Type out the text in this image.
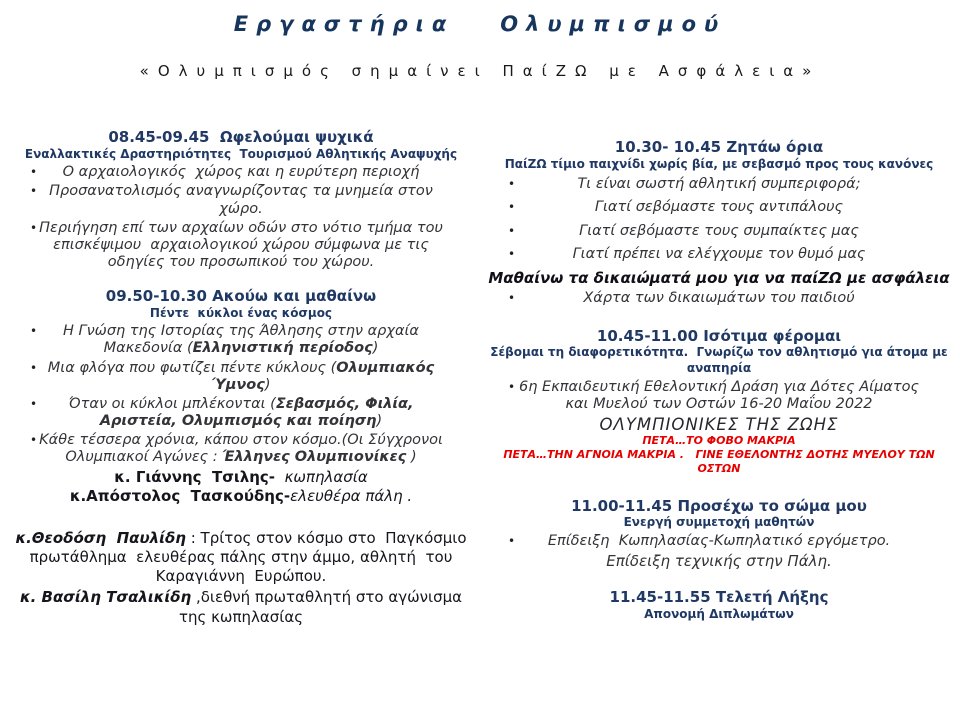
Εργαστήρια   Ολυμπισμού
«Ολυμπισμός σημαίνει ΠαίΖΩ με Ασφάλεια»
08.45-09.45  Ωφελούμαι ψυχικά
Εναλλακτικές Δραστηριότητες  Τουρισμού Αθλητικής Αναψυχής
•	Ο αρχαιολογικός  χώρος και η ευρύτερη περιοχή
• Προσανατολισμός αναγνωρίζοντας τα μνημεία στον χώρο.
• Περιήγηση επί των αρχαίων οδών στο νότιο τμήμα του επισκέψιμου  αρχαιολογικού χώρου σύμφωνα με τις οδηγίες του προσωπικού του χώρου.
09.50-10.30 Ακούω και μαθαίνω
Πέντε  κύκλοι ένας κόσμος
•	Η Γνώση της Ιστορίας της Άθλησης στην αρχαία Μακεδονία (Ελληνιστική περίοδος)
• Μια φλόγα που φωτίζει πέντε κύκλους (Ολυμπιακός Ύμνος)
•	Όταν οι κύκλοι μπλέκονται (Σεβασμός, Φιλία, Αριστεία, Ολυμπισμός και ποίηση)
• Κάθε τέσσερα χρόνια, κάπου στον κόσμο.(Οι Σύγχρονοι Ολυμπιακοί Αγώνες : Έλληνες Ολυμπιονίκες )
κ. Γιάννης  Τσιλης-  κωπηλασία
κ.Απόστολος  Τασκούδης-ελευθέρα πάλη .
κ.Θεοδόση  Παυλίδη : Τρίτος στον κόσμο στο  Παγκόσμιο πρωτάθλημα  ελευθέρας πάλης στην άμμο, αθλητή  του Καραγιάννη  Ευρώπου.
κ. Βασίλη Τσαλικίδη ,διεθνή πρωταθλητή στο αγώνισμα της κωπηλασίας
10.30- 10.45 Ζητάω όρια
ΠαίΖΩ τίμιο παιχνίδι χωρίς βία, με σεβασμό προς τους κανόνες
•	Τι είναι σωστή αθλητική συμπεριφορά;
•	Γιατί σεβόμαστε τους αντιπάλους
•	Γιατί σεβόμαστε τους συμπαίκτες μας
•	Γιατί πρέπει να ελέγχουμε τον θυμό μας
Μαθαίνω τα δικαιώματά μου για να παίΖΩ με ασφάλεια
•	Χάρτα των δικαιωμάτων του παιδιού
10.45-11.00 Ισότιμα φέρομαι
Σέβομαι τη διαφορετικότητα.  Γνωρίζω τον αθλητισμό για άτομα με αναπηρία
• 6η Εκπαιδευτική Εθελοντική Δράση για Δότες Αίματος και Μυελού των Οστών 16-20 Μαΐου 2022
ΟΛΥΜΠΙΟΝΙΚΕΣ ΤΗΣ ΖΩΗΣ
ΠΕΤΑ…ΤΟ ΦΟΒΟ ΜΑΚΡΙΑ
ΠΕΤΑ…ΤΗΝ ΑΓΝΟΙΑ ΜΑΚΡΙΑ .   ΓΙΝΕ ΕΘΕΛΟΝΤΗΣ ΔΟΤΗΣ ΜΥΕΛΟΥ ΤΩΝ ΟΣΤΩΝ
11.00-11.45 Προσέχω το σώμα μου
Ενεργή συμμετοχή μαθητών
•	Επίδειξη  Κωπηλασίας-Κωπηλατικό εργόμετρο.
Επίδειξη τεχνικής στην Πάλη.
11.45-11.55 Τελετή Λήξης
Απονομή Διπλωμάτων
